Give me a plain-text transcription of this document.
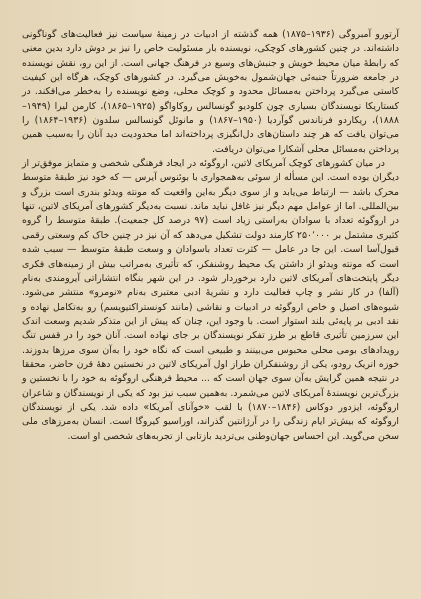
آرتورو آمبروگی (۱۹۳۶–۱۸۷۵) همه گذشته از ادبیات در زمینهٔ سیاست نیز فعالیت‌های گوناگونی داشته‌اند. در چنین کشورهای کوچکی، نویسنده بار مسئولیت خاص را نیز بر دوش دارد بدین معنی که رابطهٔ میان محیط خویش و جنبش‌های وسیع در فرهنگ جهانی است. از این رو، نقش نویسنده در جامعه ضرورتاً جنبه‌ئی جهان‌شمول به‌خویش می‌گیرد. در کشورهای کوچک، هرگاه این کیفیت کاستی می‌گیرد پرداختن به‌مسائل محدود و کوچک محلی، وضع نویسنده را به‌خطر می‌افکند. در کستاریکا نویسندگان بسیاری چون کلودیو گونسالس روکاواگو (۱۹۲۵–۱۸۶۵)، کارمن لیرا (۱۹۴۹–۱۸۸۸)، ریکاردو فرناندس گوآردیا (۱۹۵۰–۱۸۶۷) و مانوئل گونسالس سلدون (۱۹۳۶–۱۸۶۴) را می‌توان یافت که هر چند داستان‌های دل‌انگیزی پرداخته‌اند اما محدودیت دید آنان را به‌سبب همین پرداختن به‌مسائل محلی آشکارا می‌توان دریافت.

در میان کشورهای کوچک آمریکای لاتین، اروگوئه در ایجاد فرهنگی شخصی و متمایز موفق‌تر از دیگران بوده است. این مسأله از سوئی به‌همجواری با بوئنوس آیرس — که خود نیز طبقهٔ متوسط محرک باشد — ارتباط می‌یابد و از سوی دیگر به‌این واقعیت که مونته ویدئو بندری است بزرگ و بین‌المللی. اما از عوامل مهم دیگر نیز غافل نباید ماند. نسبت به‌دیگر کشورهای آمریکای لاتین، تنها در اروگوئه تعداد با سوادان به‌راستی زیاد است (۹۷ درصد کل جمعیت). طبقهٔ متوسط را گروه کثیری مشتمل بر ۲۵۰٬۰۰۰ کارمند دولت تشکیل می‌دهد که آن نیز در چنین خاک کم وسعتی رقمی قبول‌آسا است. این جا در عامل — کثرت تعداد باسوادان و وسعت طبقهٔ متوسط — سبب شده است که مونته ویدئو از داشتن یک محیط روشنفکر، که تأثیری به‌مراتب بیش از زمینه‌های فکری دیگر پایتخت‌های آمریکای لاتین دارد برخوردار شود. در این شهر بنگاه انتشاراتی آیرومندی به‌نام (آلفا) در کار نشر و چاپ فعالیت دارد و نشریهٔ ادبی معتبری به‌نام «نومرو» منتشر می‌شود. شیوه‌های اصیل و خاص اروگوئه در ادبیات و نقاشی (مانند کونستراکتیویسم) رو به‌تکامل نهاده و نقد ادبی بر پایه‌ئی بلند استوار است. با وجود این، چنان که پیش از این متذکر شدیم وسعت اندک این سرزمین تأثیری قاطع بر طرز تفکر نویسندگان بر جای نهاده است. آنان خود را در قفس تنگ رویدادهای بومی محلی محبوس می‌بینند و طبیعی است که نگاه خود را به‌آن سوی مرزها بدوزند. خوزه انریک رودو، یکی از روشنفکران طراز اول آمریکای لاتین در نخستین دههٔ قرن حاضر، محققا در نتیجه همین گرایش به‌آن سوی جهان است که ... محیط فرهنگی اروگوئه به خود را با نخستین و بزرگ‌ترین نویسندهٔ آمریکای لاتین می‌شمرد. به‌همین سبب نیز بود که یکی از نویسندگان و شاعران اروگوئه، ایزدور دوکاس (۱۸۴۶–۱۸۷۰) با لقب «خوآنای آمریکا» داده شد. یکی از نویسندگان اروگوئه که بیش‌تر ایام زندگی را در آرژانتین گذراند، اوراسیو کیروگا است. انسان به‌مرزهای ملی سخن می‌گوید. این احساس جهان‌وطنی بی‌تردید بازتابی از تجربه‌های شخصی او است.
